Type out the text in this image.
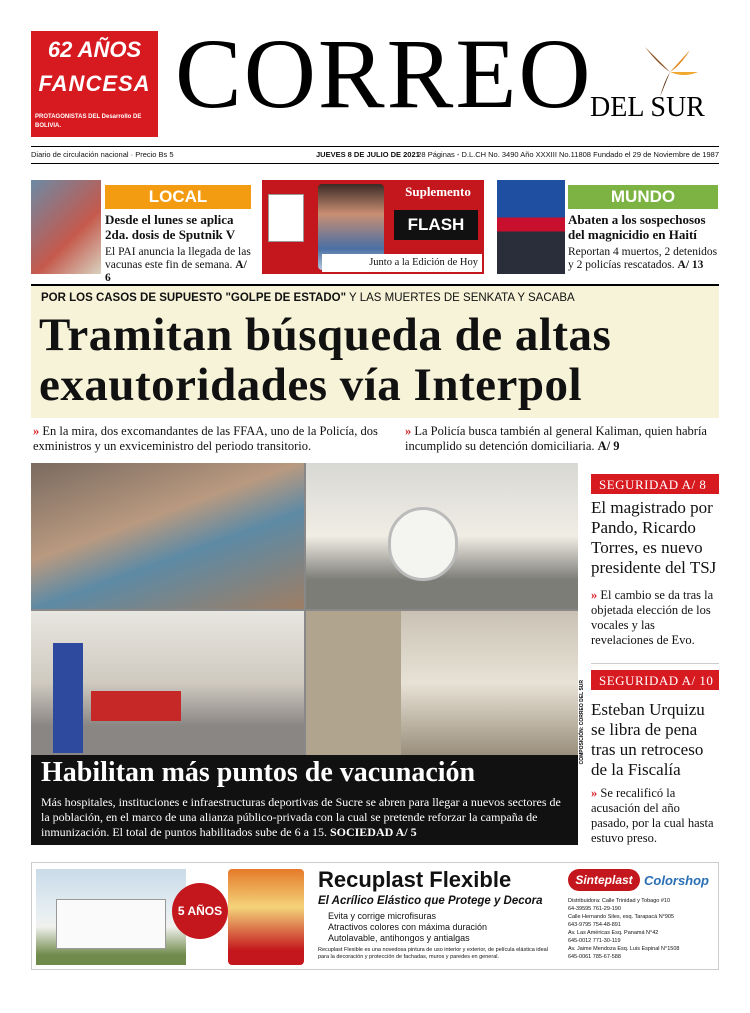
62 AÑOS
FANCESA
PROTAGONISTAS DEL Desarrollo DE BOLIVIA.	CORREO
DEL SUR
Diario de circulación nacional · Precio Bs 5	JUEVES 8 DE JULIO DE 2021
28 Páginas - D.L.CH No. 3490 Año XXXIII No.11808 Fundado el 29 de Noviembre de 1987
LOCAL
Desde el lunes se aplica 2da. dosis de Sputnik V
El PAI anuncia la llegada de las vacunas este fin de semana. A/ 6
Suplemento
FLASH
Junto a la Edición de Hoy
MUNDO
Abaten a los sospechosos del magnicidio en Haití
Reportan 4 muertos, 2 detenidos y 2 policías rescatados. A/ 13
POR LOS CASOS DE SUPUESTO "GOLPE DE ESTADO" Y LAS MUERTES DE SENKATA Y SACABA
Tramitan búsqueda de altas
exautoridades vía Interpol
» En la mira, dos excomandantes de las FFAA, uno de la Policía, dos exministros y un exviceministro del periodo transitorio.
» La Policía busca también al general Kaliman, quien habría incumplido su detención domiciliaria. A/ 9
COMPOSICIÓN: CORREO DEL SUR
Habilitan más puntos de vacunación
Más hospitales, instituciones e infraestructuras deportivas de Sucre se abren para llegar a nuevos sectores de la población, en el marco de una alianza público-privada con la cual se pretende reforzar la campaña de inmunización. El total de puntos habilitados sube de 6 a 15. SOCIEDAD A/ 5
SEGURIDAD A/ 8
El magistrado por Pando, Ricardo Torres, es nuevo presidente del TSJ
» El cambio se da tras la objetada elección de los vocales y las revelaciones de Evo.
SEGURIDAD A/ 10
Esteban Urquizu se libra de pena tras un retroceso de la Fiscalía
» Se recalificó la acusación del año pasado, por la cual hasta estuvo preso.
5 AÑOS
Recuplast Flexible
El Acrílico Elástico que Protege y Decora
Evita y corrige microfisuras
Atractivos colores con máxima duración
Autolavable, antihongos y antialgas
Recuplast Flexible es una novedosa pintura de uso interior y exterior, de película elástica ideal para la decoración y protección de fachadas, muros y paredes en general.
Sinteplast Colorshop
Distribuidora: Calle Trinidad y Tobago #10
64-39595 761-29-190
Calle Hernando Siles, esq. Tarapacá N°905
643-9795 754-48-891
Av. Las Américas Esq. Panamá N°42
645-0012 771-30-119
Av. Jaime Mendoza Esq. Luis Espinal N°1508
645-0061 785-67-588
